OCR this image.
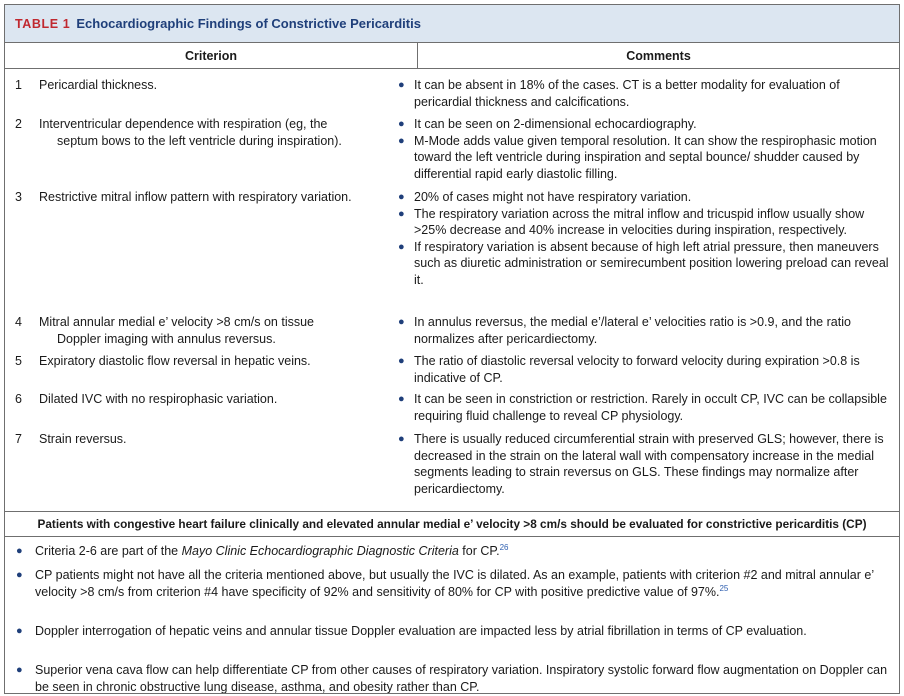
TABLE 1 Echocardiographic Findings of Constrictive Pericarditis
Criterion	Comments
1 Pericardial thickness.	● It can be absent in 18% of the cases. CT is a better modality for evaluation of pericardial thickness and calcifications.
2 Interventricular dependence with respiration (eg, the
septum bows to the left ventricle during inspiration).
● It can be seen on 2-dimensional echocardiography.
● M-Mode adds value given temporal resolution. It can show the respirophasic motion toward the left ventricle during inspiration and septal bounce/ shudder caused by differential rapid early diastolic filling.
3 Restrictive mitral inflow pattern with respiratory variation.	● 20% of cases might not have respiratory variation.
● The respiratory variation across the mitral inflow and tricuspid inflow usually show >25% decrease and 40% increase in velocities during inspiration, respectively.
● If respiratory variation is absent because of high left atrial pressure, then maneuvers such as diuretic administration or semirecumbent position lowering preload can reveal it.
4 Mitral annular medial e’ velocity >8 cm/s on tissue
Doppler imaging with annulus reversus.
● In annulus reversus, the medial e’/lateral e’ velocities ratio is >0.9, and the ratio normalizes after pericardiectomy.
5 Expiratory diastolic flow reversal in hepatic veins.	● The ratio of diastolic reversal velocity to forward velocity during expiration >0.8 is indicative of CP.
6 Dilated IVC with no respirophasic variation.	● It can be seen in constriction or restriction. Rarely in occult CP, IVC can be collapsible requiring fluid challenge to reveal CP physiology.
7 Strain reversus.	● There is usually reduced circumferential strain with preserved GLS; however, there is decreased in the strain on the lateral wall with compensatory increase in the medial segments leading to strain reversus on GLS. These findings may normalize after pericardiectomy.
Patients with congestive heart failure clinically and elevated annular medial e’ velocity >8 cm/s should be evaluated for constrictive pericarditis (CP)
● Criteria 2-6 are part of the Mayo Clinic Echocardiographic Diagnostic Criteria for CP.$^{26}$
● CP patients might not have all the criteria mentioned above, but usually the IVC is dilated. As an example, patients with criterion #2 and mitral annular e’ velocity >8 cm/s from criterion #4 have specificity of 92% and sensitivity of 80% for CP with positive predictive value of 97%.$^{25}$
● Doppler interrogation of hepatic veins and annular tissue Doppler evaluation are impacted less by atrial fibrillation in terms of CP evaluation.
● Superior vena cava flow can help differentiate CP from other causes of respiratory variation. Inspiratory systolic forward flow augmentation on Doppler can be seen in chronic obstructive lung disease, asthma, and obesity rather than CP.
